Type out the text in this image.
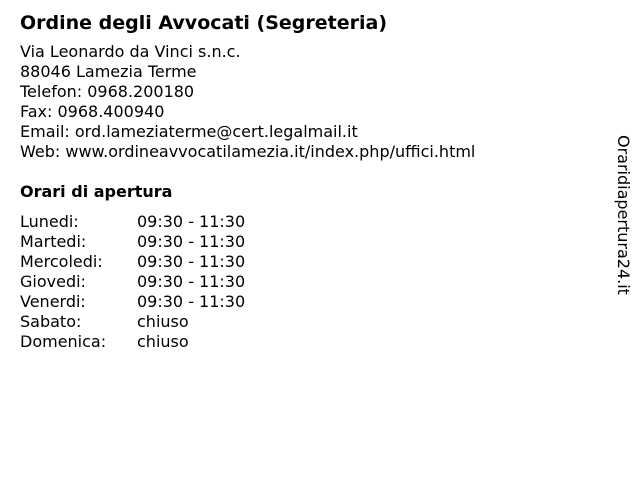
Ordine degli Avvocati (Segreteria)
Via Leonardo da Vinci s.n.c.
88046 Lamezia Terme
Telefon: 0968.200180
Fax: 0968.400940
Email: ord.lameziaterme@cert.legalmail.it
Web: www.ordineavvocatilamezia.it/index.php/uffici.html
Orari di apertura
Lunedi:	09:30 - 11:30
Martedi:	09:30 - 11:30
Mercoledi:	09:30 - 11:30
Giovedi:	09:30 - 11:30
Venerdi:	09:30 - 11:30
Sabato:	chiuso
Domenica:	chiuso
Oraridiapertura24.it
